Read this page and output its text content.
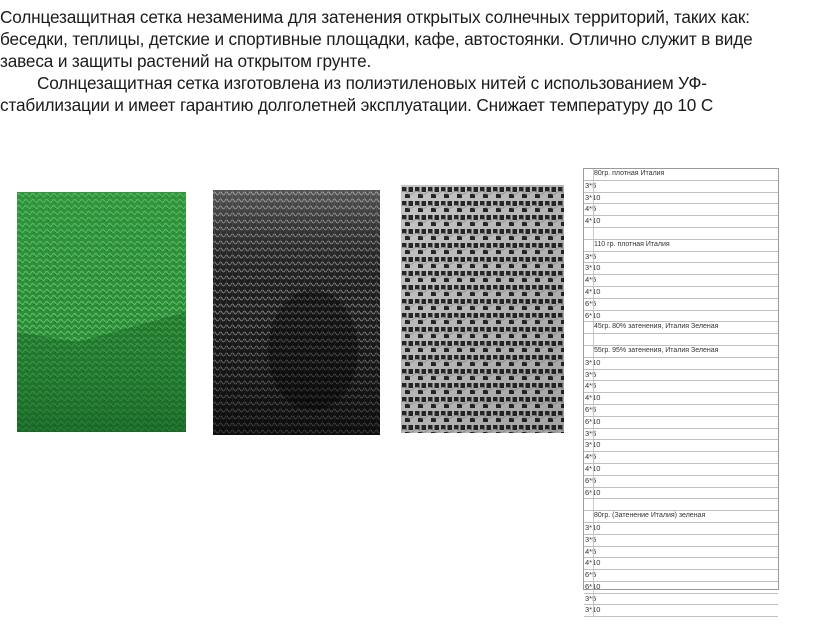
Солнцезащитная сетка незаменима для затенения открытых солнечных территорий, таких как:
беседки, теплицы, детские и спортивные площадки, кафе, автостоянки. Отлично служит в виде
завеса и защиты растений на открытом грунте.
Солнцезащитная сетка изготовлена из полиэтиленовых нитей с использованием УФ-
стабилизации и имеет гарантию долголетней эксплуатации. Снижает температуру до 10 С
80гр. плотная Италия
3*5
3*10
4*5
4*10
110 гр. плотная Италия
3*5
3*10
4*5
4*10
6*5
6*10
45гр. 80% затенения, Италия Зеленая
55гр. 95% затенения, Италия Зеленая
3*10
3*5
4*5
4*10
6*5
6*10
3*5
3*10
4*5
4*10
6*5
6*10
80гр. (Затенение Италия) зеленая
3*10
3*5
4*5
4*10
6*5
6*10
3*5
3*10
